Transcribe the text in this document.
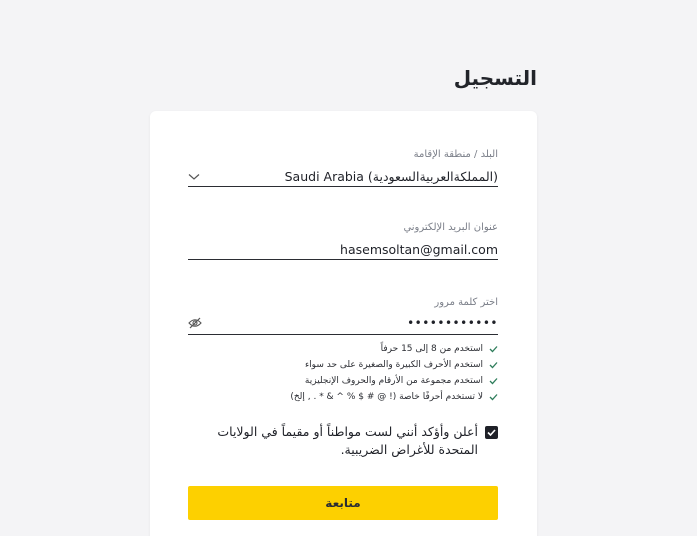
التسجيل
البلد / منطقة الإقامة
Saudi Arabia (المملكةالعربيةالسعودية)
عنوان البريد الإلكتروني
hasemsoltan@gmail.com
اختر كلمة مرور
••••••••••••
استخدم من 8 إلى 15 حرفاً
استخدم الأحرف الكبيرة والصغيرة على حد سواء
استخدم مجموعة من الأرقام والحروف الإنجليزية
لا تستخدم أحرفًا خاصة (! @ # $ % ^ & * . , إلخ)
أعلن وأؤكد أنني لست مواطناً أو مقيماً في الولايات المتحدة للأغراض الضريبية.
متابعة
